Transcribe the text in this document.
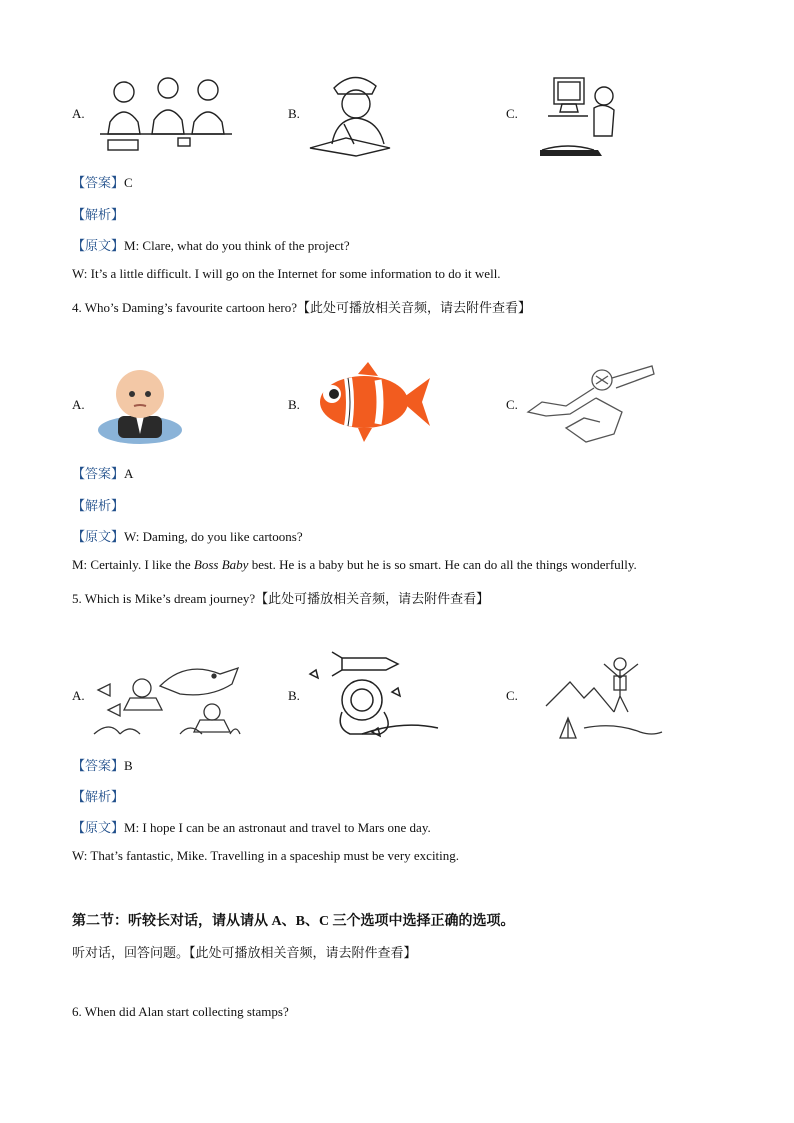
A.	B.	C.
【答案】C
【解析】
【原文】M: Clare, what do you think of the project?
W: It’s a little difficult. I will go on the Internet for some information to do it well.
4. Who’s Daming’s favourite cartoon hero?【此处可播放相关音频，请去附件查看】
A.	B.	C.
【答案】A
【解析】
【原文】W: Daming, do you like cartoons?
M: Certainly. I like the Boss Baby best. He is a baby but he is so smart. He can do all the things wonderfully.
5. Which is Mike’s dream journey?【此处可播放相关音频，请去附件查看】
A.	B.	C.
【答案】B
【解析】
【原文】M: I hope I can be an astronaut and travel to Mars one day.
W: That’s fantastic, Mike. Travelling in a spaceship must be very exciting.
第二节：听较长对话，请从请从 A、B、C 三个选项中选择正确的选项。
听对话，回答问题。【此处可播放相关音频，请去附件查看】
6. When did Alan start collecting stamps?
